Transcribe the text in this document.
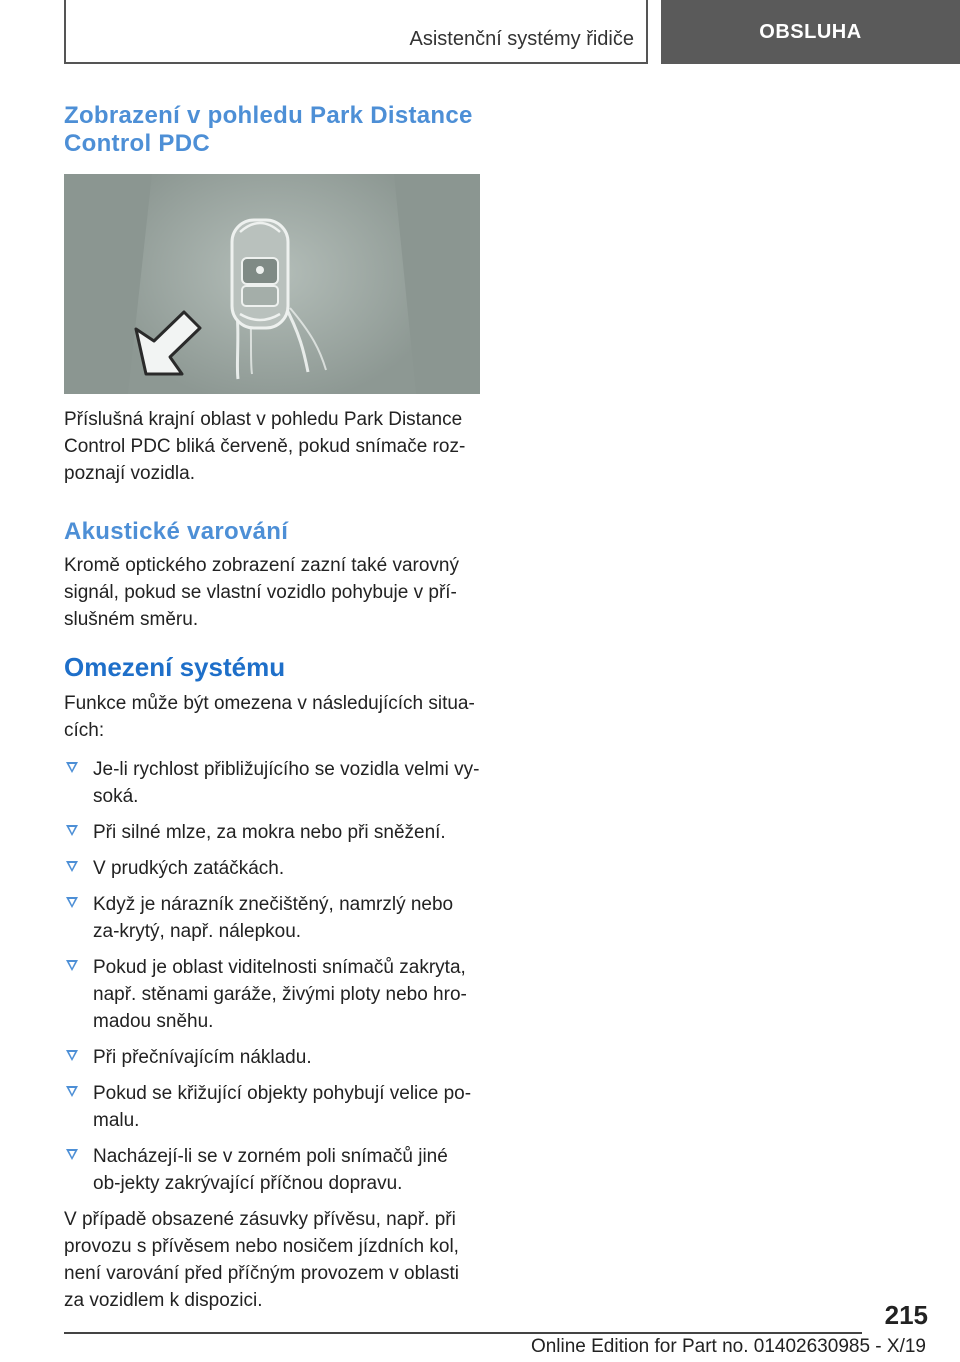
Asistenční systémy řidiče	OBSLUHA
Zobrazení v pohledu Park Distance
Control PDC

Příslušná krajní oblast v pohledu Park Distance Control PDC bliká červeně, pokud snímače roz-poznají vozidla.

Akustické varování

Kromě optického zobrazení zazní také varovný signál, pokud se vlastní vozidlo pohybuje v pří-slušném směru.

Omezení systému

Funkce může být omezena v následujících situa-cích:

Je-li rychlost přibližujícího se vozidla velmi vy-soká.
Při silné mlze, za mokra nebo při sněžení.
V prudkých zatáčkách.
Když je nárazník znečištěný, namrzlý nebo za-krytý, např. nálepkou.
Pokud je oblast viditelnosti snímačů zakryta, např. stěnami garáže, živými ploty nebo hro-madou sněhu.
Při přečnívajícím nákladu.
Pokud se křižující objekty pohybují velice po-malu.
Nacházejí-li se v zorném poli snímačů jiné ob-jekty zakrývající příčnou dopravu.

V případě obsazené zásuvky přívěsu, např. při provozu s přívěsem nebo nosičem jízdních kol, není varování před příčným provozem v oblasti za vozidlem k dispozici.	215
Online Edition for Part no. 01402630985 - X/19
